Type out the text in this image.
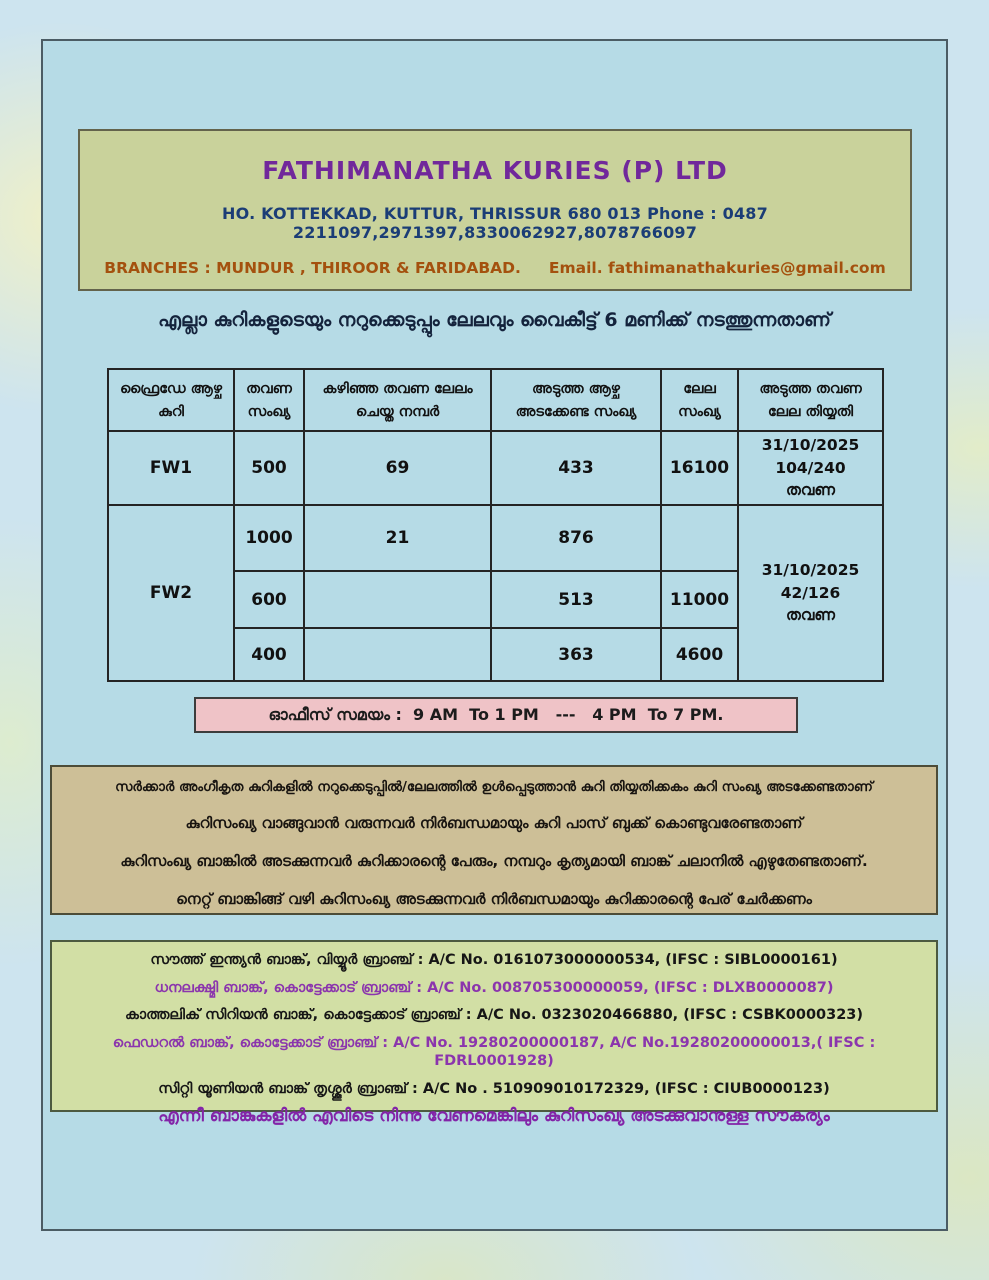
FATHIMANATHA KURIES (P) LTD
HO. KOTTEKKAD, KUTTUR, THRISSUR 680 013 Phone : 0487 2211097,2971397,8330062927,8078766097
BRANCHES : MUNDUR , THIROOR & FARIDABAD. Email. fathimanathakuries@gmail.com
എല്ലാ കുറികളുടെയും നറുക്കെടുപ്പും ലേലവും വൈകീട്ട് 6 മണിക്ക് നടത്തുന്നതാണ്
ഫ്രൈഡേ ആഴ്ച കുറി	തവണ സംഖ്യ	കഴിഞ്ഞ തവണ ലേലം ചെയ്ത നമ്പർ	അടുത്ത ആഴ്ച അടക്കേണ്ട സംഖ്യ	ലേല സംഖ്യ	അടുത്ത തവണ ലേല തിയ്യതി
FW1	500	69	433	16100	31/10/2025
104/240
തവണ

FW2	1000	21	876		31/10/2025
42/126
തവണ

	600		513	11000	
	400		363	4600	
ഓഫീസ് സമയം :  9 AM  To 1 PM   ---   4 PM  To 7 PM.
സർക്കാർ അംഗീകൃത കുറികളിൽ നറുക്കെടുപ്പിൽ/ലേലത്തിൽ ഉൾപ്പെടുത്താൻ കുറി തിയ്യതിക്കകം കുറി സംഖ്യ അടക്കേണ്ടതാണ്
കുറിസംഖ്യ വാങ്ങുവാൻ വരുന്നവർ നിർബന്ധമായും കുറി പാസ് ബുക്ക് കൊണ്ടുവരേണ്ടതാണ്
കുറിസംഖ്യ ബാങ്കിൽ അടക്കുന്നവർ കുറിക്കാരന്റെ പേരും, നമ്പറും കൃത്യമായി ബാങ്ക് ചലാനിൽ എഴുതേണ്ടതാണ്.
നെറ്റ് ബാങ്കിങ്ങ് വഴി കുറിസംഖ്യ അടക്കുന്നവർ നിർബന്ധമായും കുറിക്കാരന്റെ പേര് ചേർക്കണം
സൗത്ത് ഇന്ത്യൻ ബാങ്ക്, വിയ്യൂർ ബ്രാഞ്ച് : A/C No. 0161073000000534, (IFSC : SIBL0000161)
ധനലക്ഷ്മി ബാങ്ക്, കൊട്ടേക്കാട് ബ്രാഞ്ച് : A/C No. 008705300000059, (IFSC : DLXB0000087)
കാത്തലിക് സിറിയൻ ബാങ്ക്, കൊട്ടേക്കാട് ബ്രാഞ്ച് : A/C No. 0323020466880, (IFSC : CSBK0000323)
ഫെഡറൽ ബാങ്ക്, കൊട്ടേക്കാട് ബ്രാഞ്ച് : A/C No. 19280200000187, A/C No.19280200000013,( IFSC : FDRL0001928)
സിറ്റി യൂണിയൻ ബാങ്ക് തൃശ്ശൂർ ബ്രാഞ്ച് : A/C No . 510909010172329, (IFSC : CIUB0000123)
എന്നീ ബാങ്കുകളിൽ എവിടെ നിന്നു വേണമെങ്കിലും കുറിസംഖ്യ അടക്കുവാനുള്ള സൗകര്യം
